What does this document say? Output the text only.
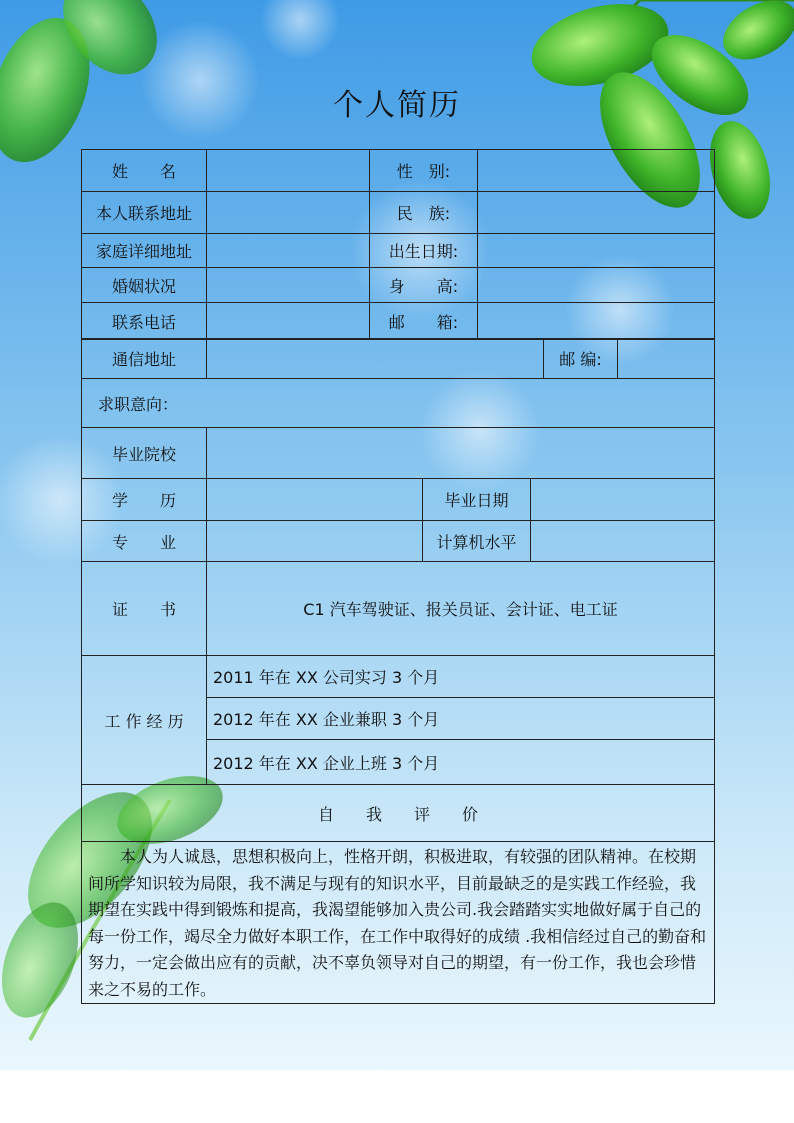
个人简历
姓　　名		性　别:	
本人联系地址		民　族:	
家庭详细地址		出生日期:	
婚姻状况		身　　高:	
联系电话		邮　　箱:	
通信地址		邮 编:	
求职意向：
毕业院校	
学　　历		毕业日期	
专　　业		计算机水平	
证　　书	C1 汽车驾驶证、报关员证、会计证、电工证
工 作 经 历	2011 年在 XX 公司实习 3 个月
	2012 年在 XX 企业兼职 3 个月
	2012 年在 XX 企业上班 3 个月
自　　我　　评　　价	
　　本人为人诚恳，思想积极向上，性格开朗，积极进取，有较强的团队精神。在校期间所学知识较为局限，我不满足与现有的知识水平，目前最缺乏的是实践工作经验，我期望在实践中得到锻炼和提高，我渴望能够加入贵公司.我会踏踏实实地做好属于自己的每一份工作，竭尽全力做好本职工作，在工作中取得好的成绩 .我相信经过自己的勤奋和努力，一定会做出应有的贡献，决不辜负领导对自己的期望，有一份工作，我也会珍惜来之不易的工作。	
